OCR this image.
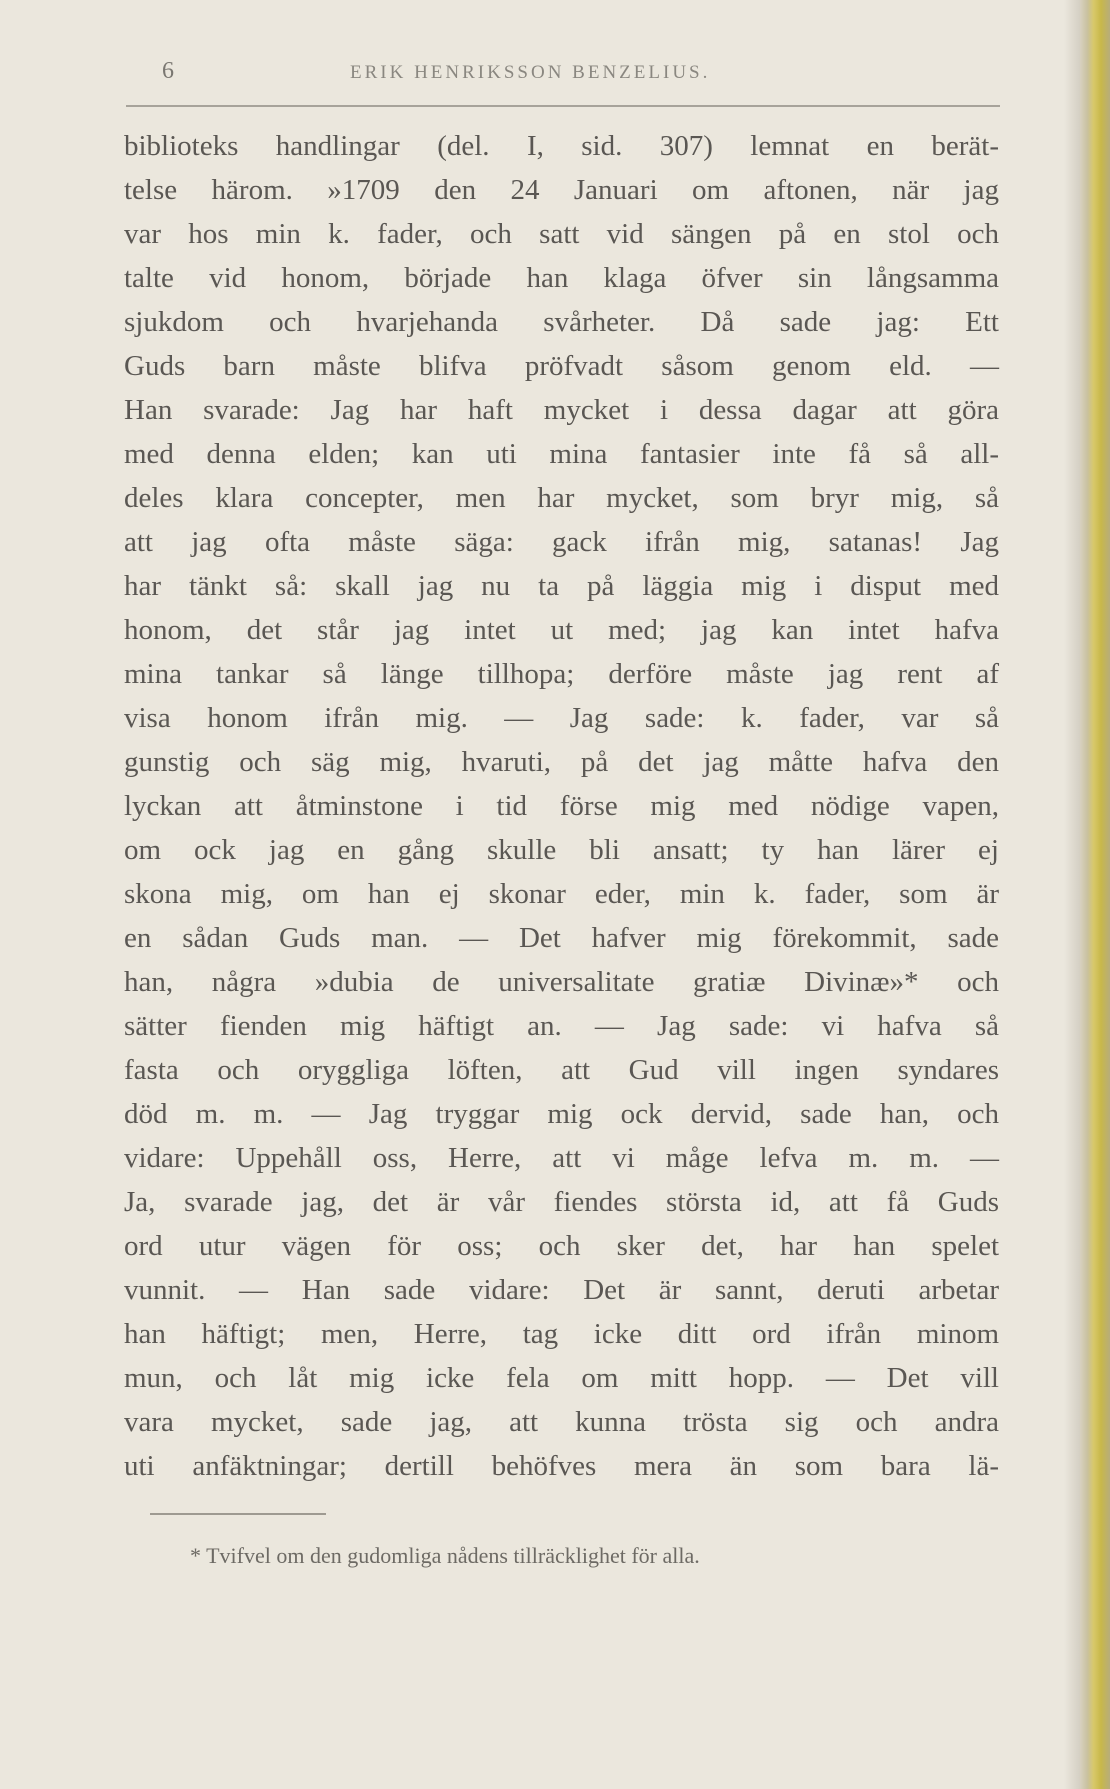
6	ERIK HENRIKSSON BENZELIUS.
biblioteks handlingar (del. I, sid. 307) lemnat en berät-
telse härom. »1709 den 24 Januari om aftonen, när jag
var hos min k. fader, och satt vid sängen på en stol och
talte vid honom, började han klaga öfver sin långsamma
sjukdom och hvarjehanda svårheter. Då sade jag: Ett
Guds barn måste blifva pröfvadt såsom genom eld. —
Han svarade: Jag har haft mycket i dessa dagar att göra
med denna elden; kan uti mina fantasier inte få så all-
deles klara concepter, men har mycket, som bryr mig, så
att jag ofta måste säga: gack ifrån mig, satanas! Jag
har tänkt så: skall jag nu ta på läggia mig i disput med
honom, det står jag intet ut med; jag kan intet hafva
mina tankar så länge tillhopa; derföre måste jag rent af
visa honom ifrån mig. — Jag sade: k. fader, var så
gunstig och säg mig, hvaruti, på det jag måtte hafva den
lyckan att åtminstone i tid förse mig med nödige vapen,
om ock jag en gång skulle bli ansatt; ty han lärer ej
skona mig, om han ej skonar eder, min k. fader, som är
en sådan Guds man. — Det hafver mig förekommit, sade
han, några »dubia de universalitate gratiæ Divinæ»* och
sätter fienden mig häftigt an. — Jag sade: vi hafva så
fasta och oryggliga löften, att Gud vill ingen syndares
död m. m. — Jag tryggar mig ock dervid, sade han, och
vidare: Uppehåll oss, Herre, att vi måge lefva m. m. —
Ja, svarade jag, det är vår fiendes största id, att få Guds
ord utur vägen för oss; och sker det, har han spelet
vunnit. — Han sade vidare: Det är sannt, deruti arbetar
han häftigt; men, Herre, tag icke ditt ord ifrån minom
mun, och låt mig icke fela om mitt hopp. — Det vill
vara mycket, sade jag, att kunna trösta sig och andra
uti anfäktningar; dertill behöfves mera än som bara lä-
* Tvifvel om den gudomliga nådens tillräcklighet för alla.
